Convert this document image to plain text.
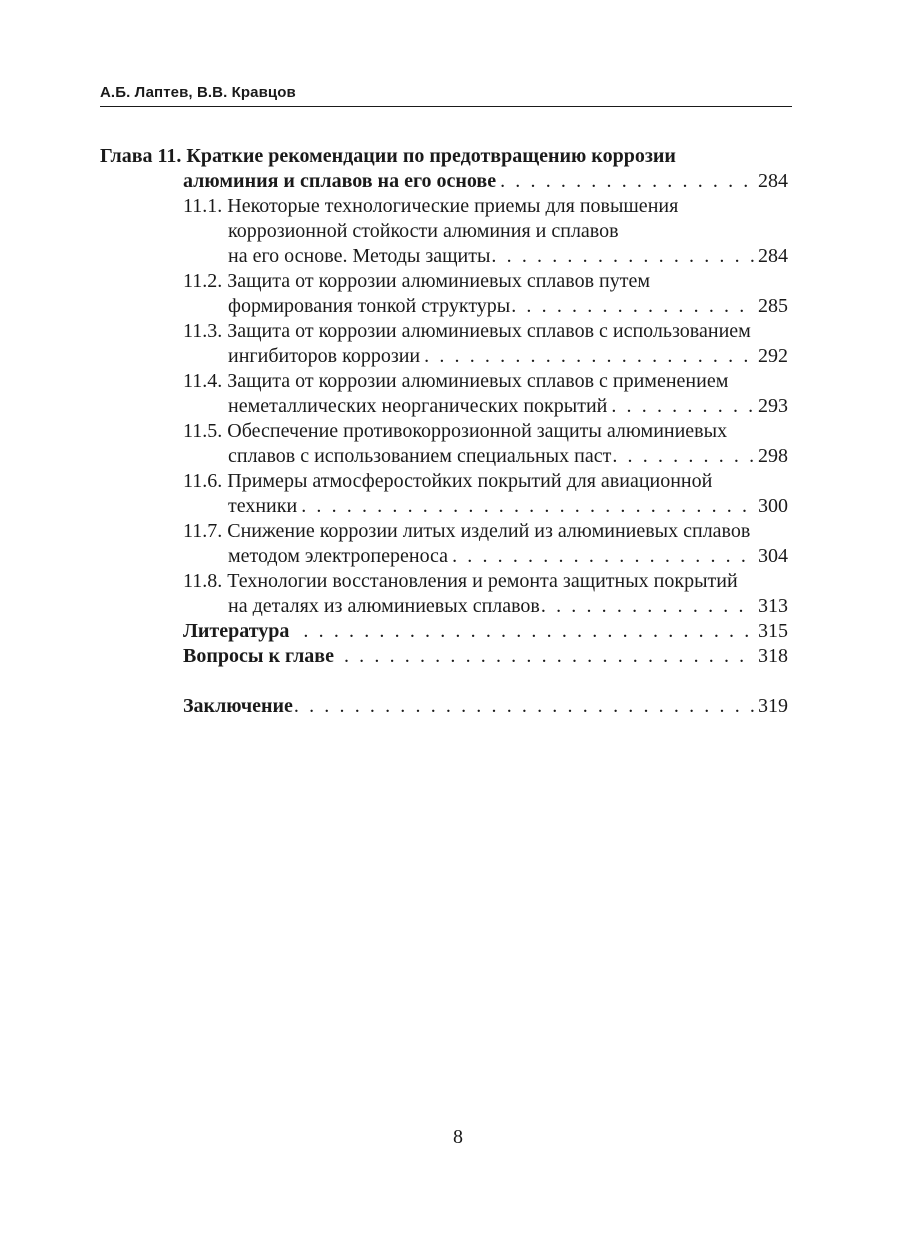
А.Б. Лаптев, В.В. Кравцов
Глава 11. Краткие рекомендации по предотвращению коррозии
алюминия и сплавов на его основе . . .	284
11.1. Некоторые технологические приемы для повышения
коррозионной стойкости алюминия и сплавов
на его основе. Методы защиты . . .	284
11.2. Защита от коррозии алюминиевых сплавов путем
формирования тонкой структуры . . .	285
11.3. Защита от коррозии алюминиевых сплавов с использованием
ингибиторов коррозии . . .	292
11.4. Защита от коррозии алюминиевых сплавов с применением
неметаллических неорганических покрытий . . .	293
11.5. Обеспечение противокоррозионной защиты алюминиевых
сплавов с использованием специальных паст . . .	298
11.6. Примеры атмосферостойких покрытий для авиационной
техники . . .	300
11.7. Снижение коррозии литых изделий из алюминиевых сплавов
методом электропереноса . . .	304
11.8. Технологии восстановления и ремонта защитных покрытий
на деталях из алюминиевых сплавов . . .	313
Литература . . .	315
Вопросы к главе . . .	318
Заключение . . .	319
8
